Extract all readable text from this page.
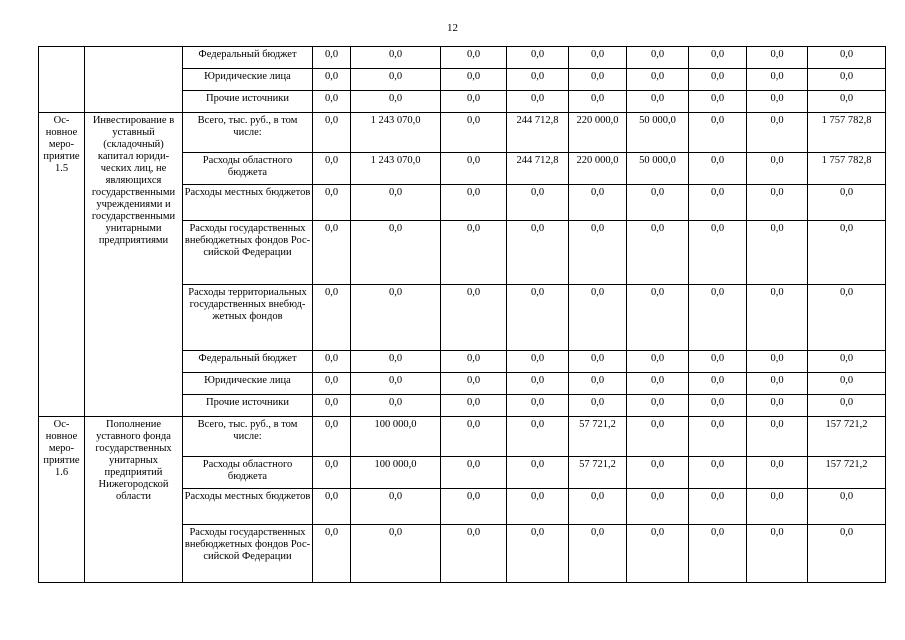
12
		Федеральный бюджет	0,0	0,0	0,0	0,0	0,0	0,0	0,0	0,0	0,0
		Юридические лица	0,0	0,0	0,0	0,0	0,0	0,0	0,0	0,0	0,0
		Прочие источники	0,0	0,0	0,0	0,0	0,0	0,0	0,0	0,0	0,0
Основное мероприятие 1.5	Инвестирование в уставный (складочный) капитал юридических лиц, не являющихся государственными учреждениями и государственными унитарными предприятиями	Всего, тыс. руб., в том числе:	0,0	1 243 070,0	0,0	244 712,8	220 000,0	50 000,0	0,0	0,0	1 757 782,8
		Расходы областного бюджета	0,0	1 243 070,0	0,0	244 712,8	220 000,0	50 000,0	0,0	0,0	1 757 782,8
		Расходы местных бюджетов	0,0	0,0	0,0	0,0	0,0	0,0	0,0	0,0	0,0
		Расходы государственных внебюджетных фондов Российской Федерации	0,0	0,0	0,0	0,0	0,0	0,0	0,0	0,0	0,0
		Расходы территориальных государственных внебюджетных фондов	0,0	0,0	0,0	0,0	0,0	0,0	0,0	0,0	0,0
		Федеральный бюджет	0,0	0,0	0,0	0,0	0,0	0,0	0,0	0,0	0,0
		Юридические лица	0,0	0,0	0,0	0,0	0,0	0,0	0,0	0,0	0,0
		Прочие источники	0,0	0,0	0,0	0,0	0,0	0,0	0,0	0,0	0,0
Основное мероприятие 1.6	Пополнение уставного фонда государственных унитарных предприятий Нижегородской области	Всего, тыс. руб., в том числе:	0,0	100 000,0	0,0	0,0	57 721,2	0,0	0,0	0,0	157 721,2
		Расходы областного бюджета	0,0	100 000,0	0,0	0,0	57 721,2	0,0	0,0	0,0	157 721,2
		Расходы местных бюджетов	0,0	0,0	0,0	0,0	0,0	0,0	0,0	0,0	0,0
		Расходы государственных внебюджетных фондов Российской Федерации	0,0	0,0	0,0	0,0	0,0	0,0	0,0	0,0	0,0
